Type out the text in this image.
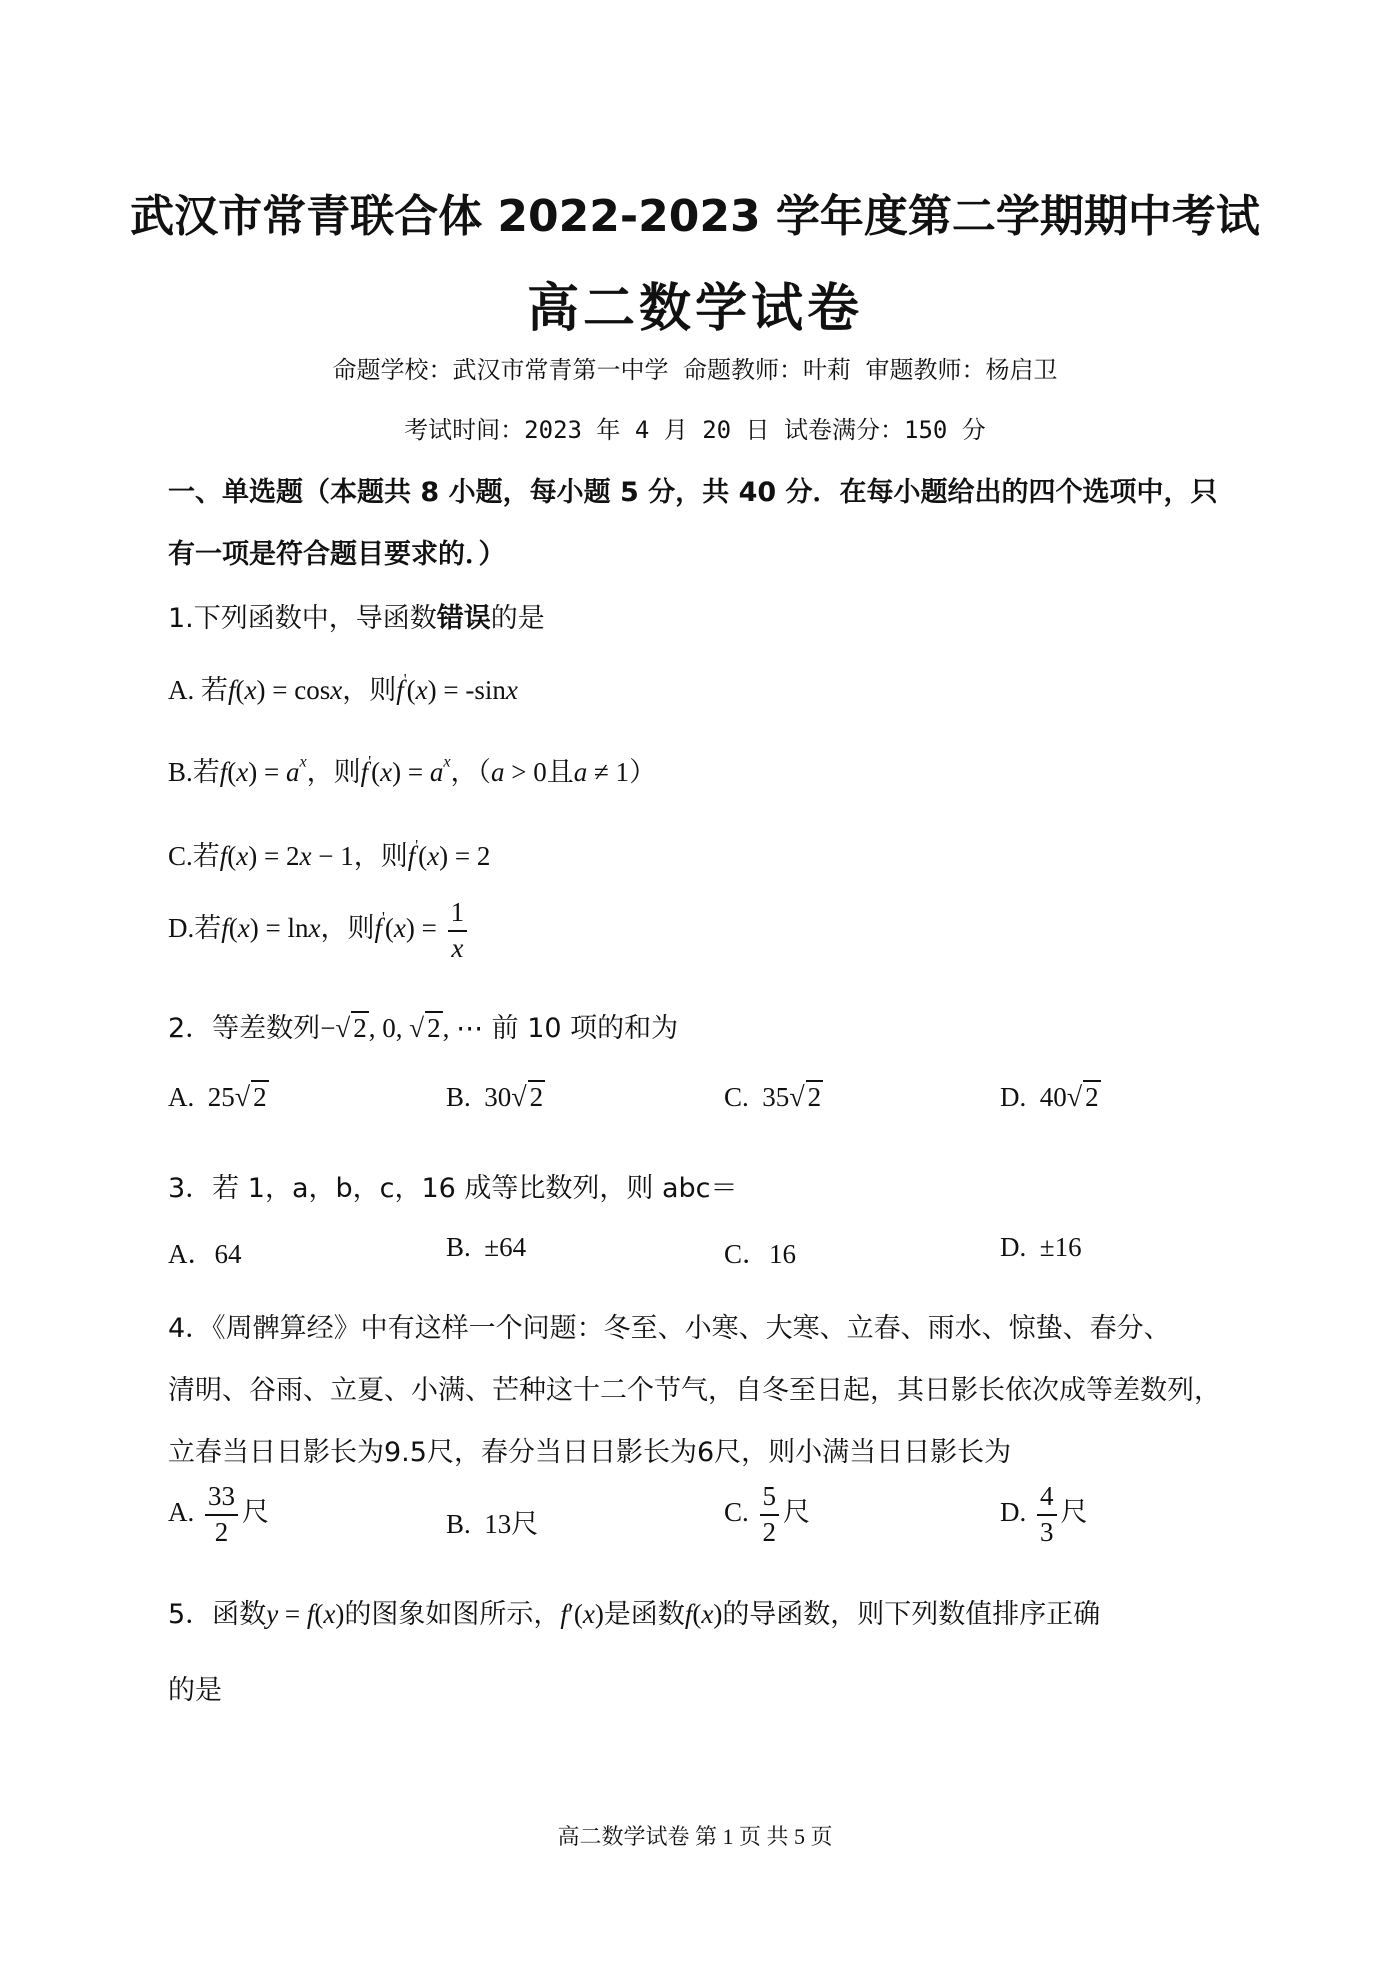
武汉市常青联合体 2022-2023 学年度第二学期期中考试
高二数学试卷
命题学校：武汉市常青第一中学 命题教师：叶莉 审题教师：杨启卫
考试时间：2023 年 4 月 20 日 试卷满分：150 分
一、单选题（本题共 8 小题，每小题 5 分，共 40 分．在每小题给出的四个选项中，只
有一项是符合题目要求的．）
1.下列函数中，导函数错误的是
A. 若f(x) = cosx，则f'(x) = -sinx
B.若$f(x) = a^x$，则$f'(x) = a^x$，（a > 0且a ≠ 1）
C.若f(x) = 2x − 1，则f'(x) = 2
D.若f(x) = lnx，则$f'(x) = \frac{1}{x}$
2．等差数列−√ 2, 0, √ 2, ⋯ 前 10 项的和为
A. 25√ 2	B. 30√ 2	C. 35√ 2	D. 40√ 2
3．若 1，a，b，c，16 成等比数列，则 abc＝
A．64	B. ±64	C．16	D. ±16
4．《周髀算经》中有这样一个问题：冬至、小寒、大寒、立春、雨水、惊蛰、春分、
清明、谷雨、立夏、小满、芒种这十二个节气，自冬至日起，其日影长依次成等差数列，
立春当日日影长为9.5尺，春分当日日影长为6尺，则小满当日日影长为
A. $\frac{33}{2}$ 尺	B. 13尺	C. $\frac{5}{2}$ 尺	D. $\frac{4}{3}$ 尺
5．函数y = f(x)的图象如图所示，f′(x)是函数f(x)的导函数，则下列数值排序正确
的是
高二数学试卷 第 1 页 共 5 页
